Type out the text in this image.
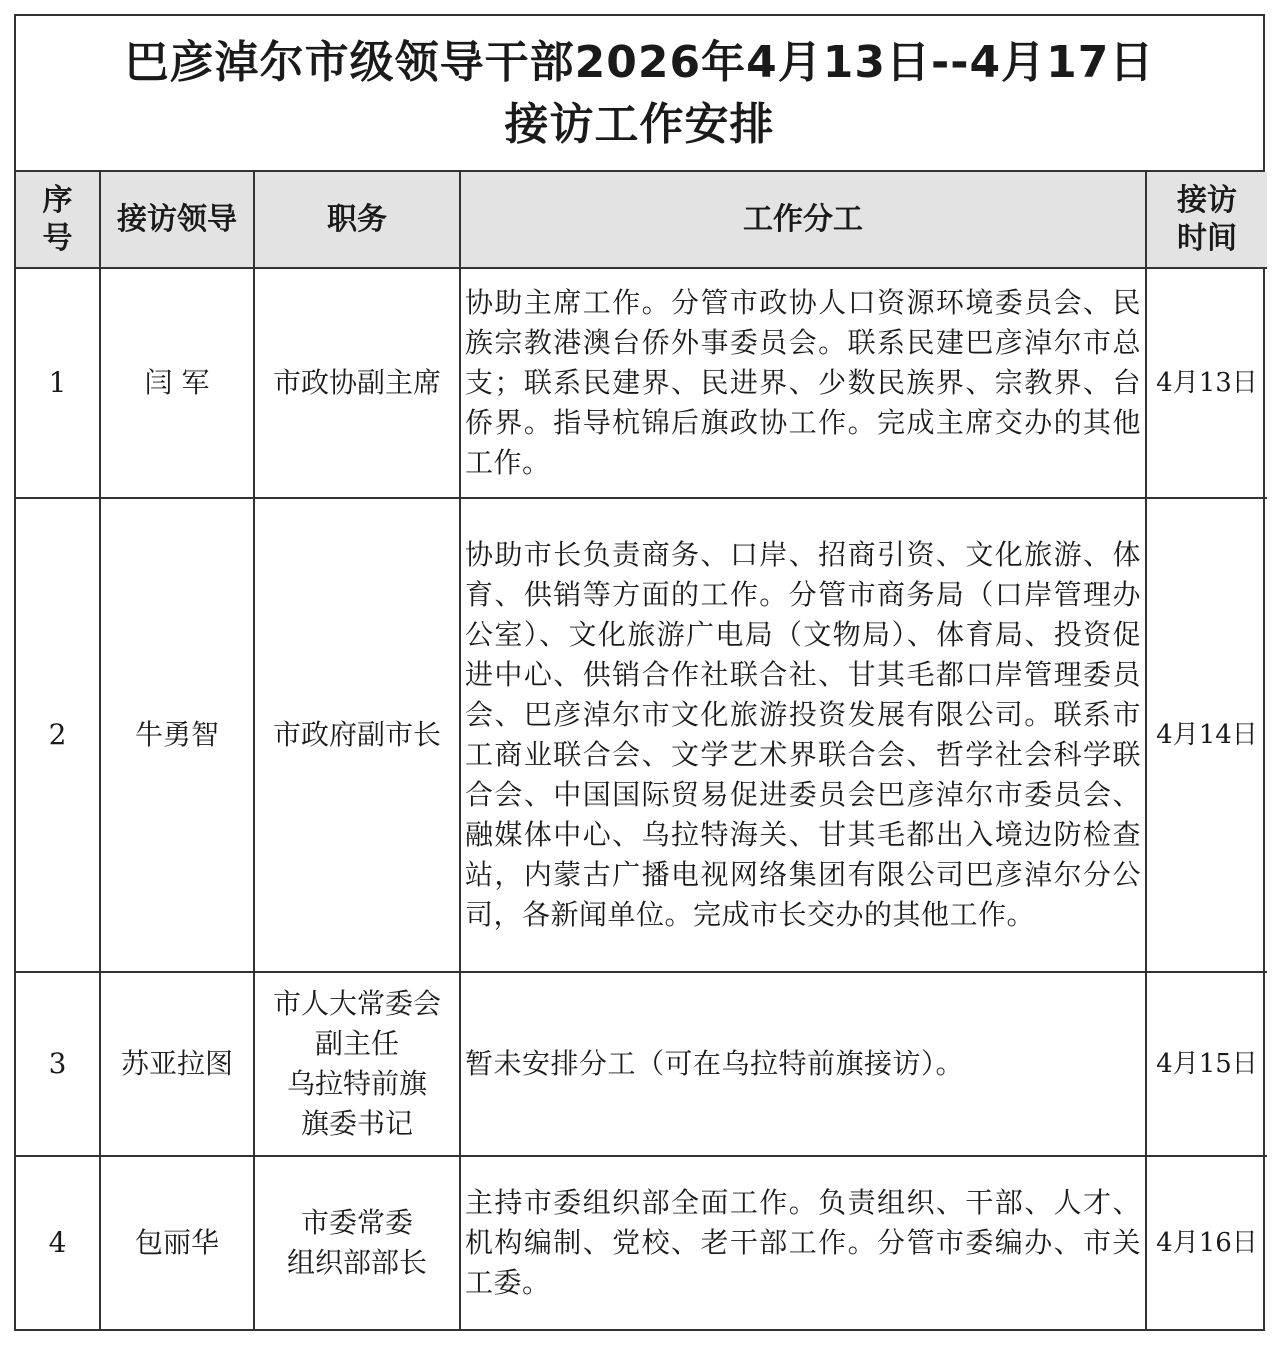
巴彦淖尔市级领导干部2026年4月13日--4月17日
接访工作安排
序
号	接访领导	职务	工作分工	接访
时间

1	闫 军	市政协副主席	协助主席工作。分管市政协人口资源环境委员会、民族宗教港澳台侨外事委员会。联系民建巴彦淖尔市总支；联系民建界、民进界、少数民族界、宗教界、台侨界。指导杭锦后旗政协工作。完成主席交办的其他工作。	4月13日
2	牛勇智	市政府副市长	协助市长负责商务、口岸、招商引资、文化旅游、体育、供销等方面的工作。分管市商务局（口岸管理办公室）、文化旅游广电局（文物局）、体育局、投资促进中心、供销合作社联合社、甘其毛都口岸管理委员会、巴彦淖尔市文化旅游投资发展有限公司。联系市工商业联合会、文学艺术界联合会、哲学社会科学联合会、中国国际贸易促进委员会巴彦淖尔市委员会、融媒体中心、乌拉特海关、甘其毛都出入境边防检查站，内蒙古广播电视网络集团有限公司巴彦淖尔分公司，各新闻单位。完成市长交办的其他工作。	4月14日
3	苏亚拉图	市人大常委会
副主任
乌拉特前旗
旗委书记	暂未安排分工（可在乌拉特前旗接访）。	4月15日
4	包丽华	市委常委
组织部部长	主持市委组织部全面工作。负责组织、干部、人才、机构编制、党校、老干部工作。分管市委编办、市关工委。	4月16日
